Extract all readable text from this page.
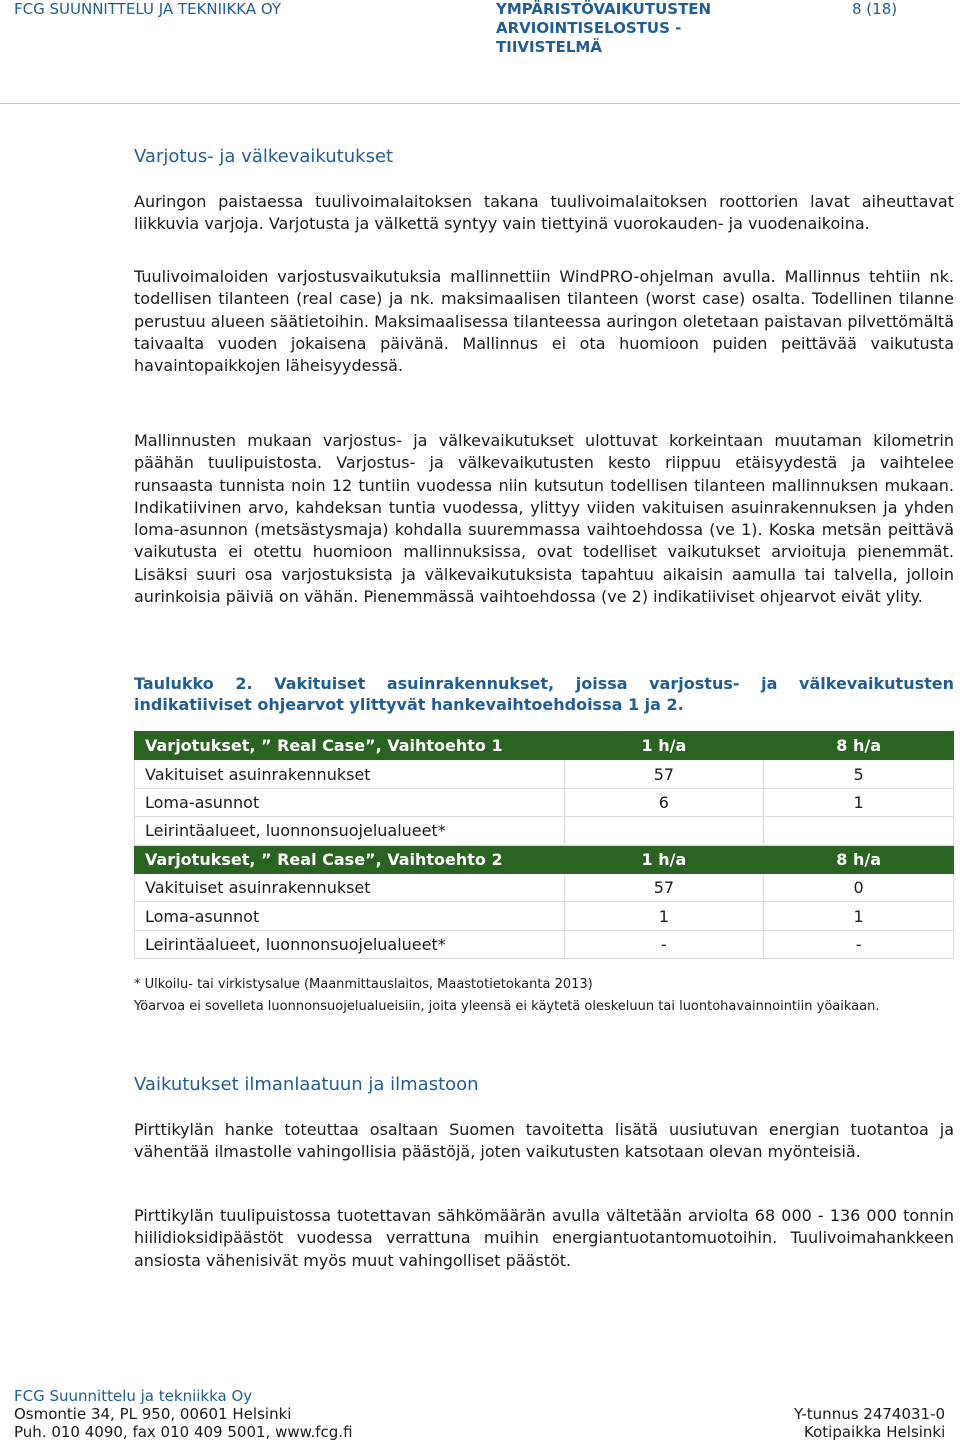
FCG SUUNNITTELU JA TEKNIIKKA OY	YMPÄRISTÖVAIKUTUSTEN
ARVIOINTISELOSTUS -
TIIVISTELMÄ
8 (18)
Varjotus- ja välkevaikutukset

Auringon paistaessa tuulivoimalaitoksen takana tuulivoimalaitoksen roottorien lavat aiheuttavat liikkuvia varjoja. Varjotusta ja välkettä syntyy vain tiettyinä vuorokauden- ja vuodenaikoina.

Tuulivoimaloiden varjostusvaikutuksia mallinnettiin WindPRO-ohjelman avulla. Mallinnus tehtiin nk. todellisen tilanteen (real case) ja nk. maksimaalisen tilanteen (worst case) osalta. Todellinen tilanne perustuu alueen säätietoihin. Maksimaalisessa tilanteessa auringon oletetaan paistavan pilvettömältä taivaalta vuoden jokaisena päivänä. Mallinnus ei ota huomioon puiden peittävää vaikutusta havaintopaikkojen läheisyydessä.

Mallinnusten mukaan varjostus- ja välkevaikutukset ulottuvat korkeintaan muutaman kilometrin päähän tuulipuistosta. Varjostus- ja välkevaikutusten kesto riippuu etäisyydestä ja vaihtelee runsaasta tunnista noin 12 tuntiin vuodessa niin kutsutun todellisen tilanteen mallinnuksen mukaan. Indikatiivinen arvo, kahdeksan tuntia vuodessa, ylittyy viiden vakituisen asuinrakennuksen ja yhden loma-asunnon (metsästysmaja) kohdalla suuremmassa vaihtoehdossa (ve 1). Koska metsän peittävä vaikutusta ei otettu huomioon mallinnuksissa, ovat todelliset vaikutukset arvioituja pienemmät. Lisäksi suuri osa varjostuksista ja välkevaikutuksista tapahtuu aikaisin aamulla tai talvella, jolloin aurinkoisia päiviä on vähän. Pienemmässä vaihtoehdossa (ve 2) indikatiiviset ohjearvot eivät ylity.

Taulukko 2. Vakituiset asuinrakennukset, joissa varjostus- ja välkevaikutusten indikatiiviset ohjearvot ylittyvät hankevaihtoehdoissa 1 ja 2.
Varjotukset, ” Real Case”, Vaihtoehto 1	1 h/a	8 h/a
Vakituiset asuinrakennukset	57	5
Loma-asunnot	6	1
Leirintäalueet, luonnonsuojelualueet*		
Varjotukset, ” Real Case”, Vaihtoehto 2	1 h/a	8 h/a
Vakituiset asuinrakennukset	57	0
Loma-asunnot	1	1
Leirintäalueet, luonnonsuojelualueet*	-	-

* Ulkoilu- tai virkistysalue (Maanmittauslaitos, Maastotietokanta 2013)

Yöarvoa ei sovelleta luonnonsuojelualueisiin, joita yleensä ei käytetä oleskeluun tai luontohavainnointiin yöaikaan.

Vaikutukset ilmanlaatuun ja ilmastoon

Pirttikylän hanke toteuttaa osaltaan Suomen tavoitetta lisätä uusiutuvan energian tuotantoa ja vähentää ilmastolle vahingollisia päästöjä, joten vaikutusten katsotaan olevan myönteisiä.

Pirttikylän tuulipuistossa tuotettavan sähkömäärän avulla vältetään arviolta 68 000 - 136 000 tonnin hiilidioksidipäästöt vuodessa verrattuna muihin energiantuotantomuotoihin. Tuulivoimahankkeen ansiosta vähenisivät myös muut vahingolliset päästöt.

FCG Suunnittelu ja tekniikka Oy
Osmontie 34, PL 950, 00601 Helsinki
Puh. 010 4090, fax 010 409 5001, www.fcg.fi
Y-tunnus 2474031-0
Kotipaikka Helsinki
